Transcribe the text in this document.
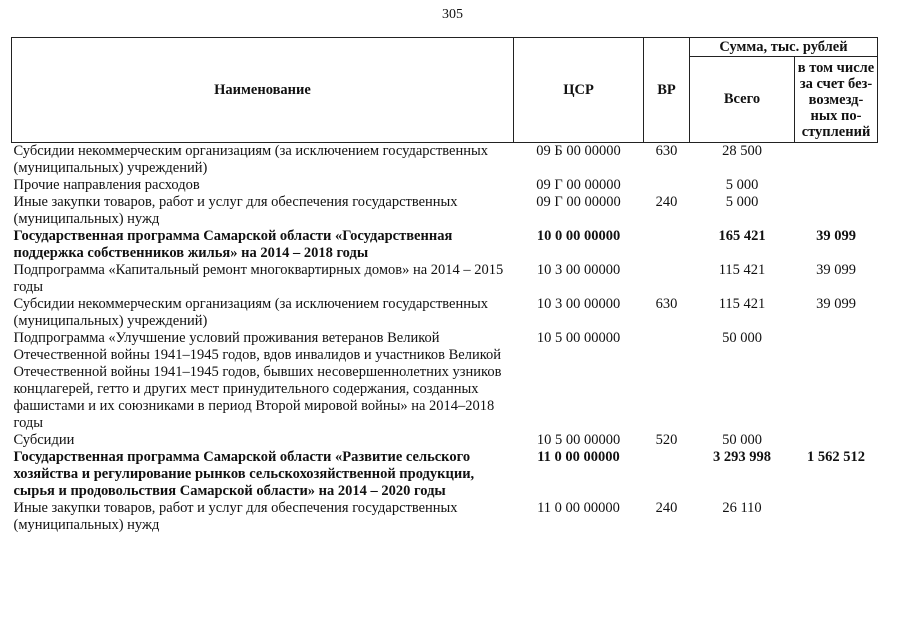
305
Наименование	ЦСР	ВР	Сумма, тыс. рублей	
			Всего	в том числе за счет без-возмезд-ных по-ступлений
Субсидии некоммерческим организациям (за исключением государственных (муниципальных) учреждений)	09 Б 00 00000	630	28 500	
Прочие направления расходов	09 Г 00 00000		5 000	
Иные закупки товаров, работ и услуг для обеспечения государственных (муниципальных) нужд	09 Г 00 00000	240	5 000	
Государственная программа Самарской области «Государственная поддержка собственников жилья» на 2014 – 2018 годы	10 0 00 00000		165 421	39 099
Подпрограмма «Капитальный ремонт многоквартирных домов» на 2014 – 2015 годы	10 3 00 00000		115 421	39 099
Субсидии некоммерческим организациям (за исключением государственных (муниципальных) учреждений)	10 3 00 00000	630	115 421	39 099
Подпрограмма «Улучшение условий проживания ветеранов Великой Отечественной войны 1941–1945 годов, вдов инвалидов и участников Великой Отечественной войны 1941–1945 годов, бывших несовершеннолетних узников концлагерей, гетто и других мест принудительного содержания, созданных фашистами и их союзниками в период Второй мировой войны» на 2014–2018 годы	10 5 00 00000		50 000	
Субсидии	10 5 00 00000	520	50 000	
Государственная программа Самарской области «Развитие сельского хозяйства и регулирование рынков сельскохозяйственной продукции, сырья и продовольствия Самарской области» на 2014 – 2020 годы	11 0 00 00000		3 293 998	1 562 512
Иные закупки товаров, работ и услуг для обеспечения государственных (муниципальных) нужд	11 0 00 00000	240	26 110	
